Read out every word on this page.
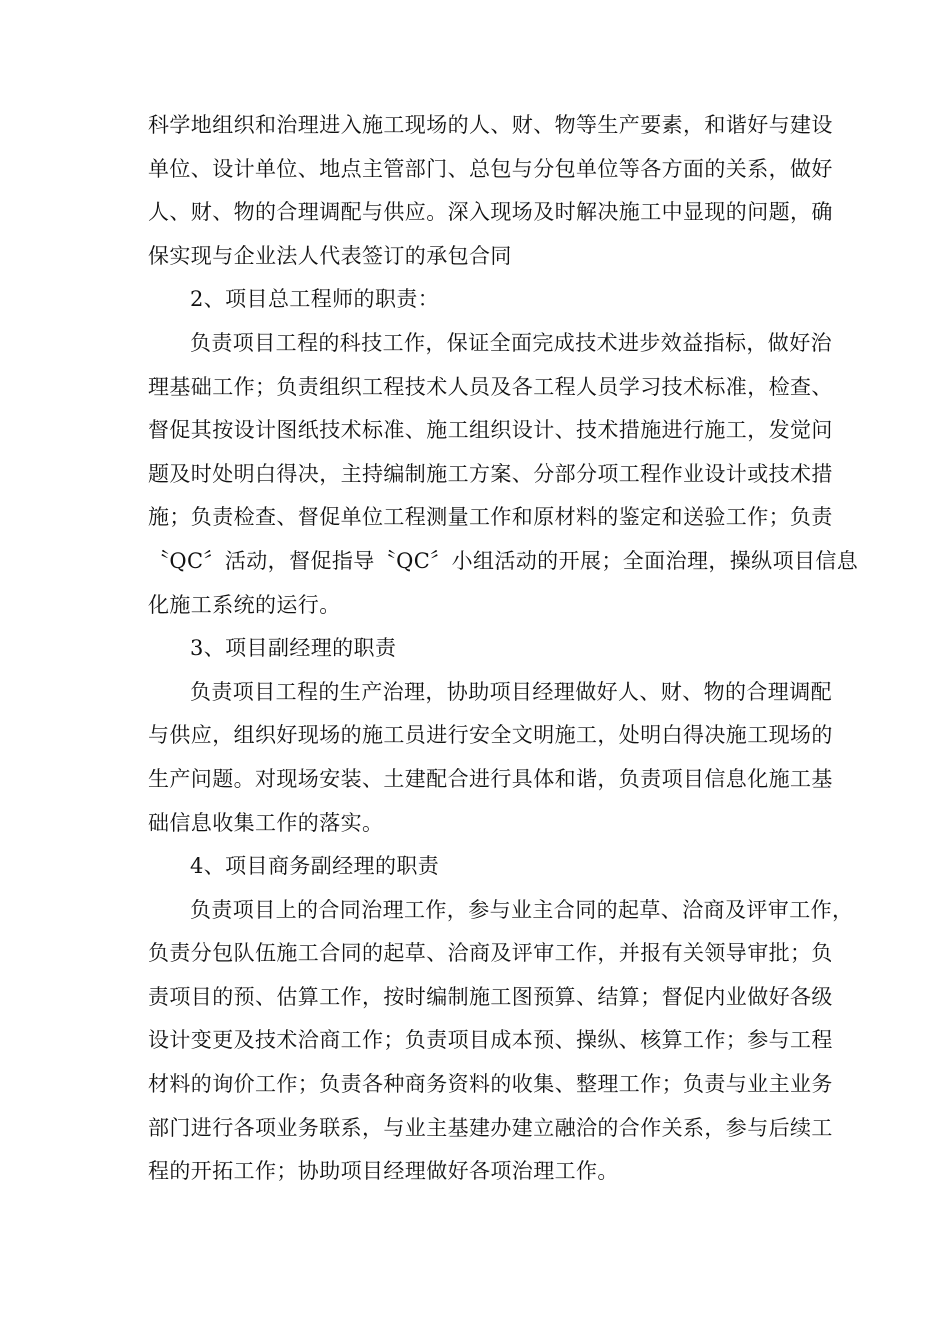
科学地组织和治理进入施工现场的人、财、物等生产要素，和谐好与建设
单位、设计单位、地点主管部门、总包与分包单位等各方面的关系，做好
人、财、物的合理调配与供应。深入现场及时解决施工中显现的问题，确
保实现与企业法人代表签订的承包合同

2、项目总工程师的职责：

负责项目工程的科技工作，保证全面完成技术进步效益指标，做好治
理基础工作；负责组织工程技术人员及各工程人员学习技术标准，检查、
督促其按设计图纸技术标准、施工组织设计、技术措施进行施工，发觉问
题及时处明白得决，主持编制施工方案、分部分项工程作业设计或技术措
施；负责检查、督促单位工程测量工作和原材料的鉴定和送验工作；负责
〝QC〞活动，督促指导〝QC〞小组活动的开展；全面治理，操纵项目信息
化施工系统的运行。

3、项目副经理的职责

负责项目工程的生产治理，协助项目经理做好人、财、物的合理调配
与供应，组织好现场的施工员进行安全文明施工，处明白得决施工现场的
生产问题。对现场安装、土建配合进行具体和谐，负责项目信息化施工基
础信息收集工作的落实。

4、项目商务副经理的职责

负责项目上的合同治理工作，参与业主合同的起草、洽商及评审工作，
负责分包队伍施工合同的起草、洽商及评审工作，并报有关领导审批；负
责项目的预、估算工作，按时编制施工图预算、结算；督促内业做好各级
设计变更及技术洽商工作；负责项目成本预、操纵、核算工作；参与工程
材料的询价工作；负责各种商务资料的收集、整理工作；负责与业主业务
部门进行各项业务联系，与业主基建办建立融洽的合作关系，参与后续工
程的开拓工作；协助项目经理做好各项治理工作。
